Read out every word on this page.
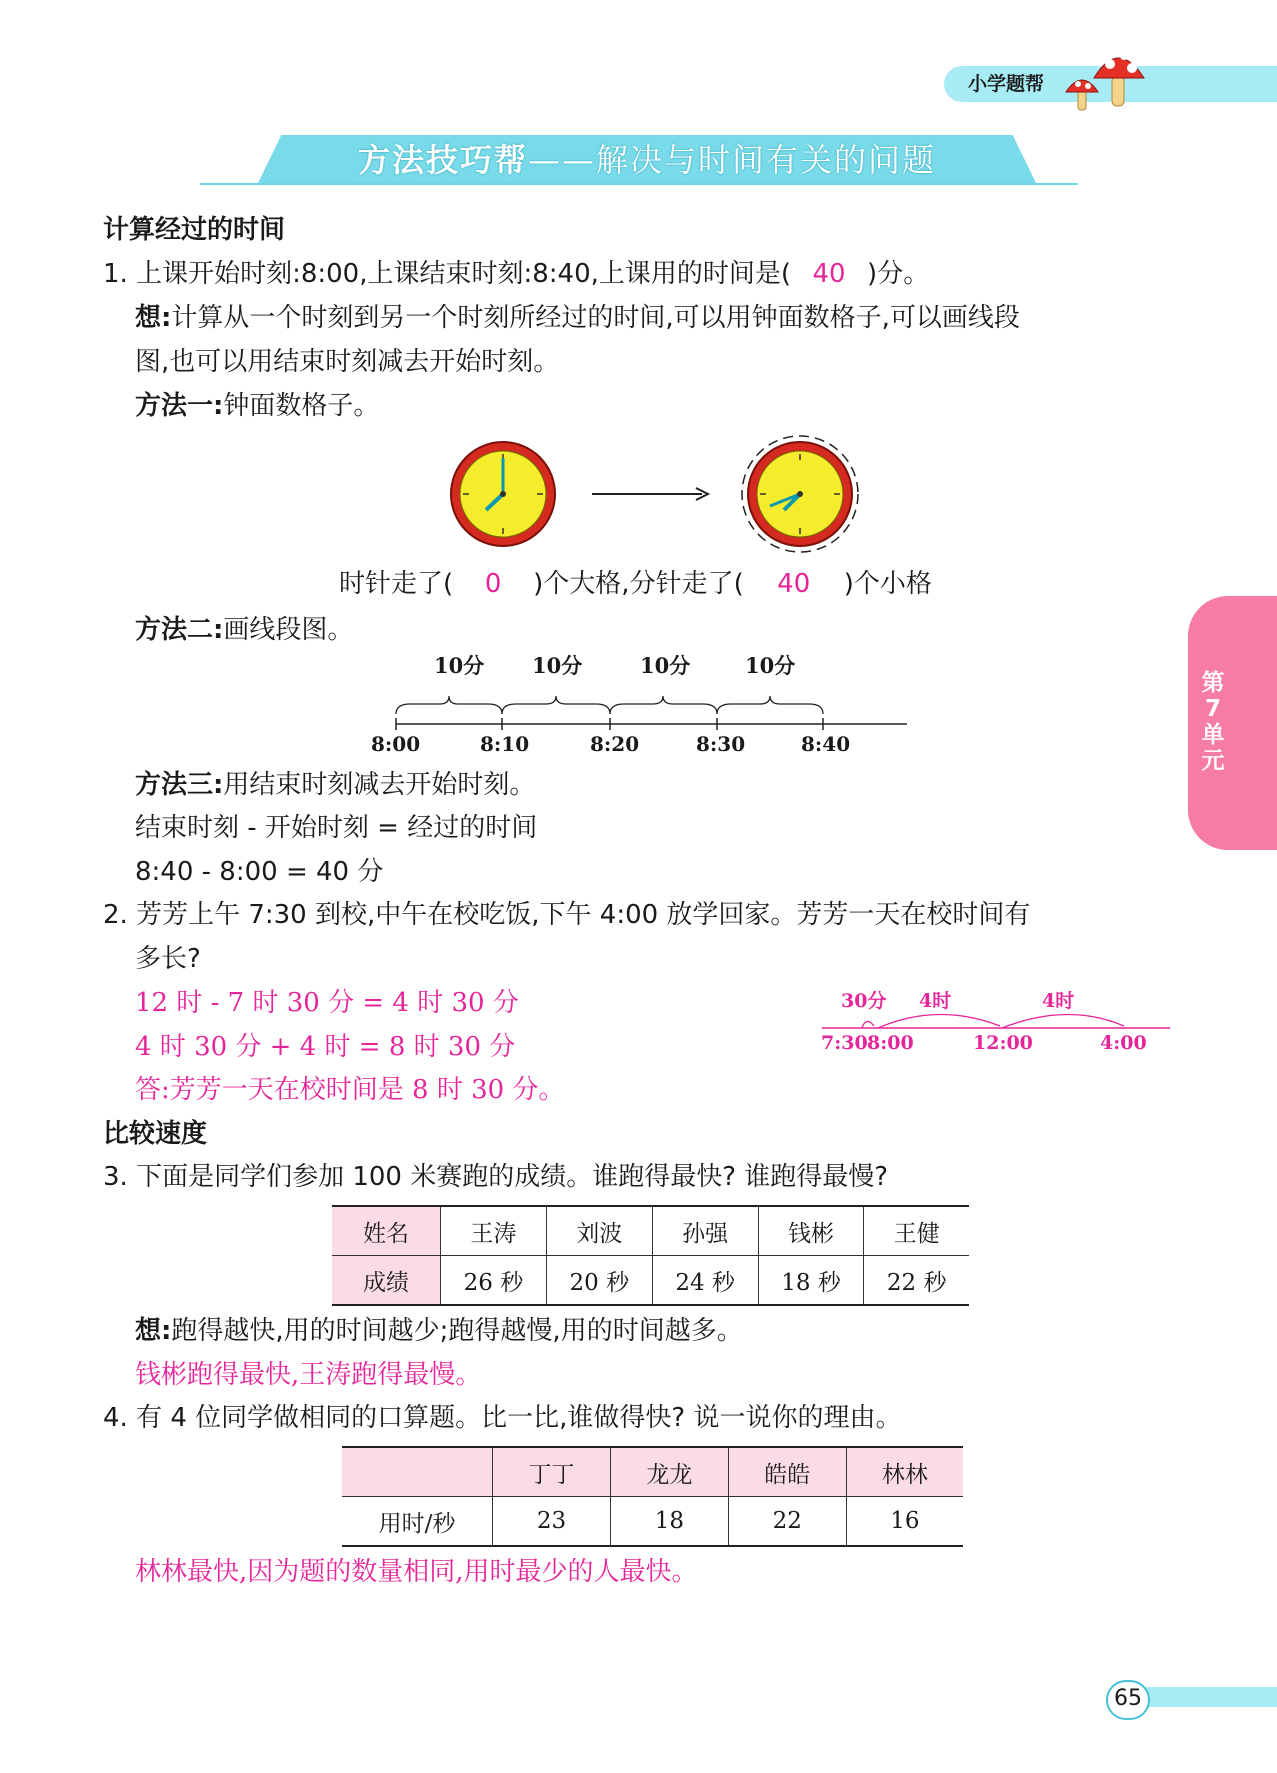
小学题帮
方法技巧帮——解决与时间有关的问题
第7单元
计算经过的时间
1. 上课开始时刻:8:00,上课结束时刻:8:40,上课用的时间是( 40 )分。
想:计算从一个时刻到另一个时刻所经过的时间,可以用钟面数格子,可以画线段
图,也可以用结束时刻减去开始时刻。
方法一:钟面数格子。
时针走了( 0 )个大格,分针走了( 40 )个小格
方法二:画线段图。
10分 10分	10分	10分
8:00	8:10	8:20	8:30	8:40
方法三:用结束时刻减去开始时刻。
结束时刻 - 开始时刻 = 经过的时间
8:40 - 8:00 = 40 分
2. 芳芳上午 7:30 到校,中午在校吃饭,下午 4:00 放学回家。芳芳一天在校时间有
多长?
12 时 - 7 时 30 分 = 4 时 30 分
4 时 30 分 + 4 时 = 8 时 30 分
答:芳芳一天在校时间是 8 时 30 分。
30分 4时	4时
7:30 8:00	12:00	4:00
比较速度
3. 下面是同学们参加 100 米赛跑的成绩。谁跑得最快? 谁跑得最慢?
姓名	王涛	刘波	孙强	钱彬	王健
成绩	26 秒	20 秒	24 秒	18 秒	22 秒
想:跑得越快,用的时间越少;跑得越慢,用的时间越多。
钱彬跑得最快,王涛跑得最慢。
4. 有 4 位同学做相同的口算题。比一比,谁做得快? 说一说你的理由。
	丁丁	龙龙	皓皓	林林
用时/秒	23	18	22	16
林林最快,因为题的数量相同,用时最少的人最快。
65
